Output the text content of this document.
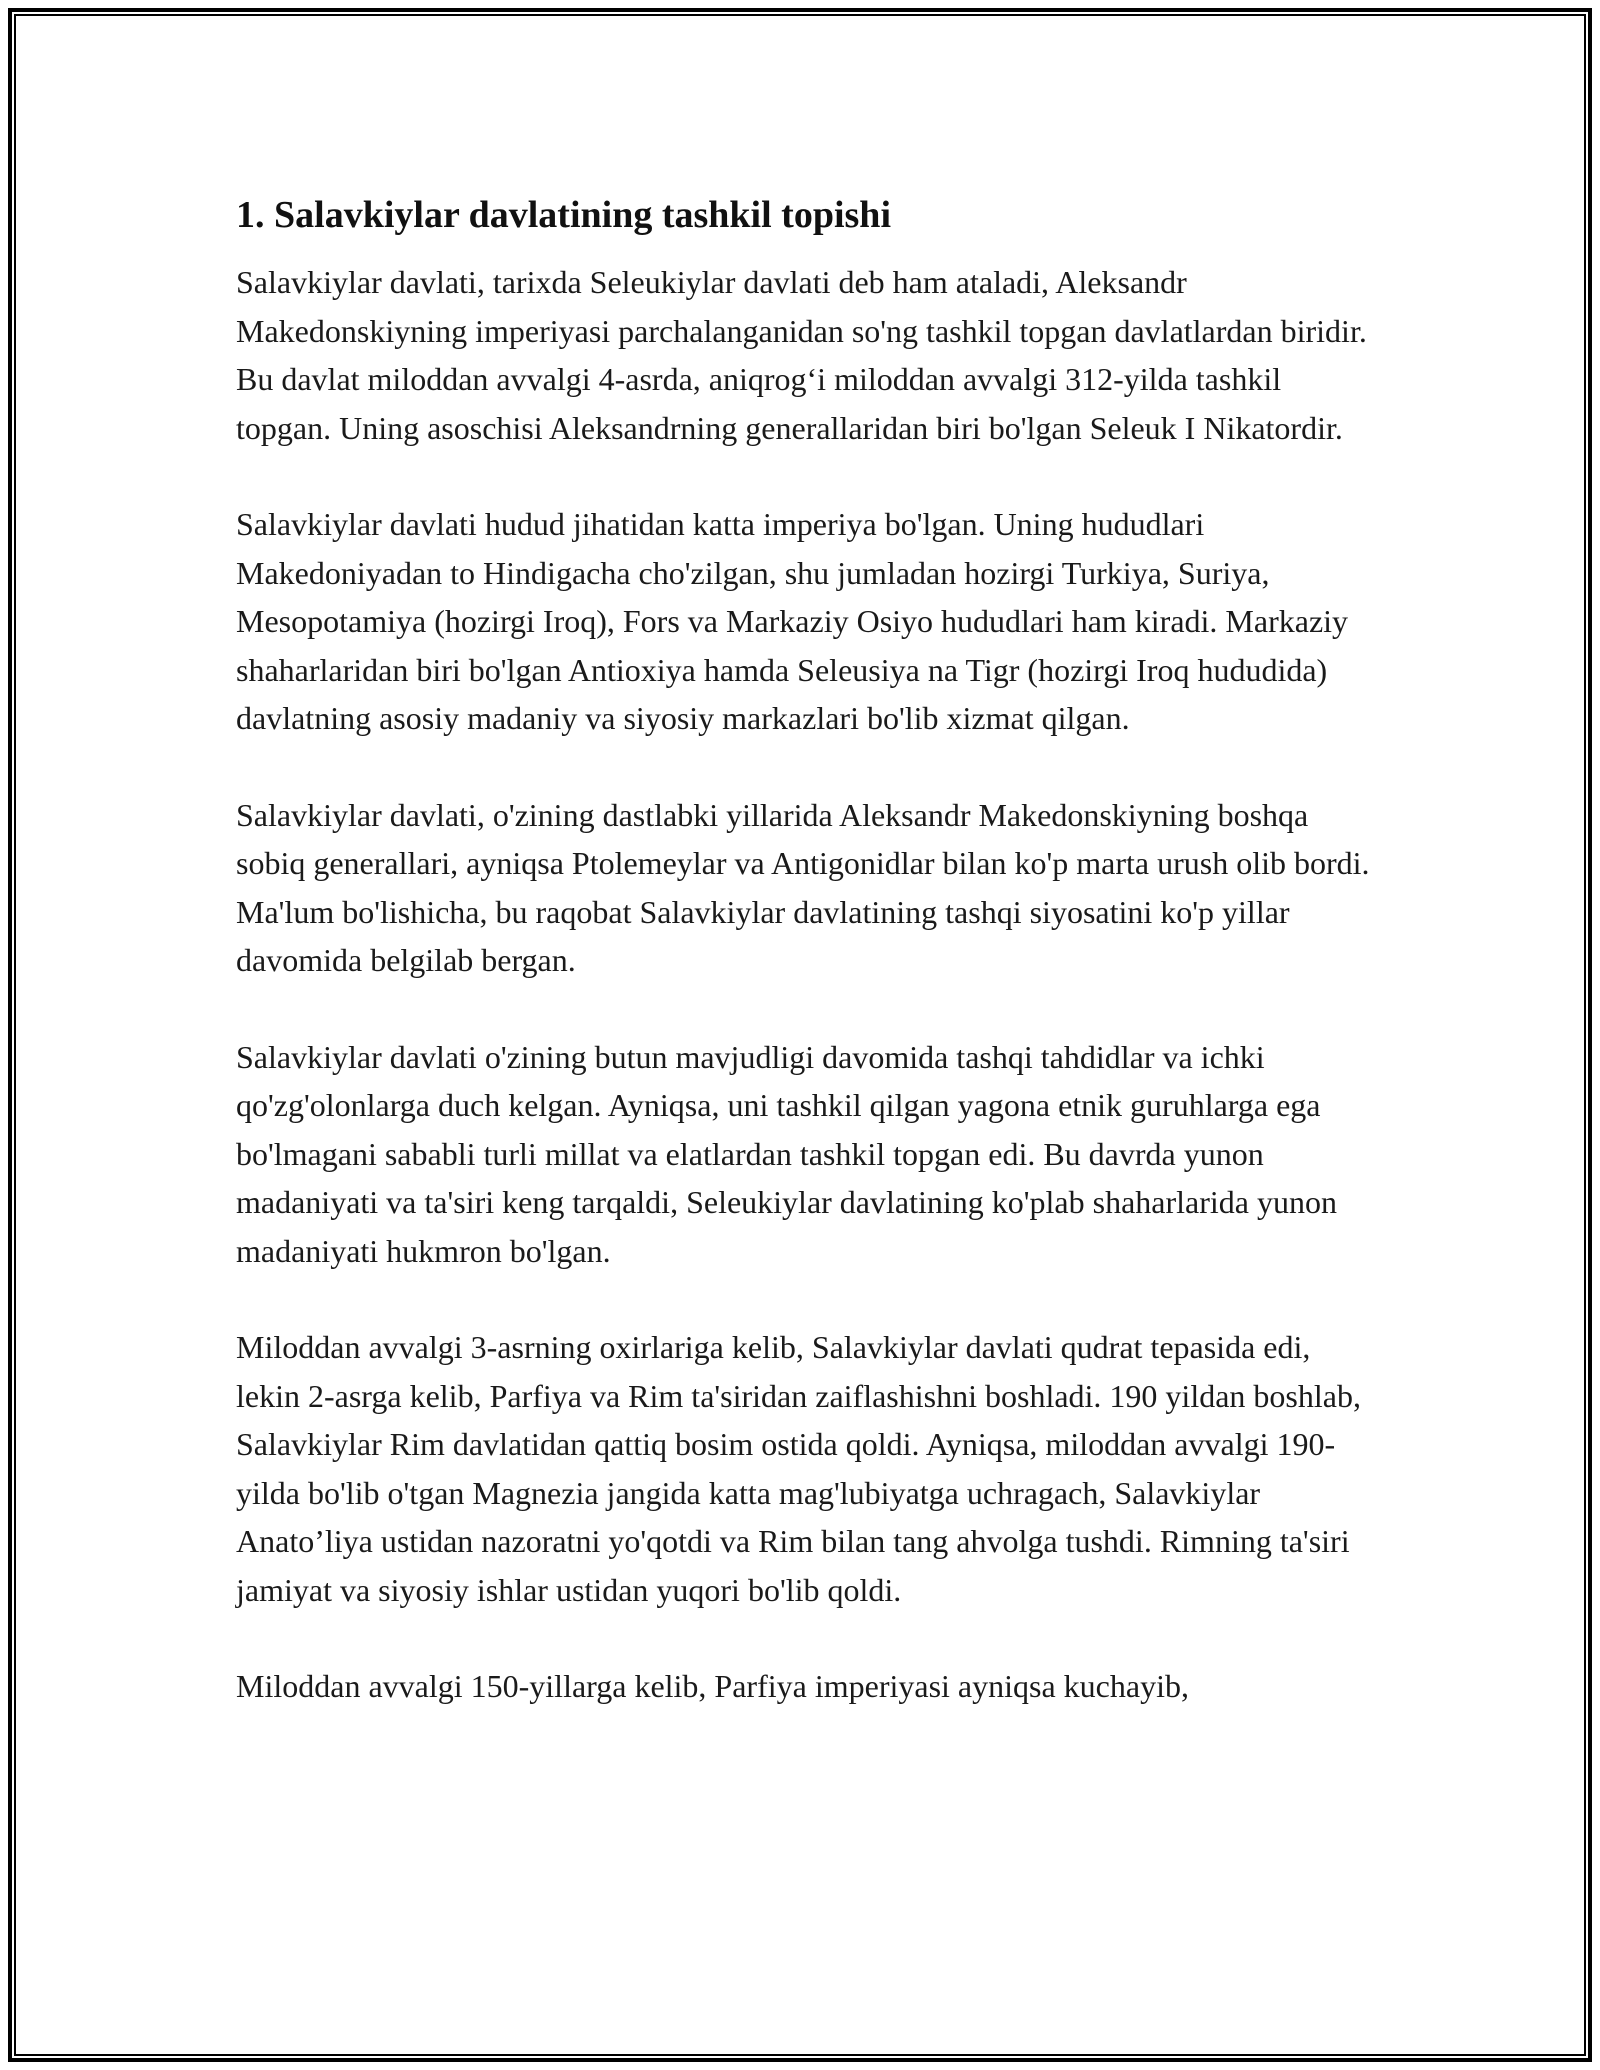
1. Salavkiylar davlatining tashkil topishi

Salavkiylar davlati, tarixda Seleukiylar davlati deb ham ataladi, Aleksandr Makedonskiyning imperiyasi parchalanganidan so'ng tashkil topgan davlatlardan biridir. Bu davlat miloddan avvalgi 4-asrda, aniqrog‘i miloddan avvalgi 312-yilda tashkil topgan. Uning asoschisi Aleksandrning generallaridan biri bo'lgan Seleuk I Nikatordir.

Salavkiylar davlati hudud jihatidan katta imperiya bo'lgan. Uning hududlari Makedoniyadan to Hindigacha cho'zilgan, shu jumladan hozirgi Turkiya, Suriya, Mesopotamiya (hozirgi Iroq), Fors va Markaziy Osiyo hududlari ham kiradi. Markaziy shaharlaridan biri bo'lgan Antioxiya hamda Seleusiya na Tigr (hozirgi Iroq hududida) davlatning asosiy madaniy va siyosiy markazlari bo'lib xizmat qilgan.

Salavkiylar davlati, o'zining dastlabki yillarida Aleksandr Makedonskiyning boshqa sobiq generallari, ayniqsa Ptolemeylar va Antigonidlar bilan ko'p marta urush olib bordi. Ma'lum bo'lishicha, bu raqobat Salavkiylar davlatining tashqi siyosatini ko'p yillar davomida belgilab bergan.

Salavkiylar davlati o'zining butun mavjudligi davomida tashqi tahdidlar va ichki qo'zg'olonlarga duch kelgan. Ayniqsa, uni tashkil qilgan yagona etnik guruhlarga ega bo'lmagani sababli turli millat va elatlardan tashkil topgan edi. Bu davrda yunon madaniyati va ta'siri keng tarqaldi, Seleukiylar davlatining ko'plab shaharlarida yunon madaniyati hukmron bo'lgan.

Miloddan avvalgi 3-asrning oxirlariga kelib, Salavkiylar davlati qudrat tepasida edi, lekin 2-asrga kelib, Parfiya va Rim ta'siridan zaiflashishni boshladi. 190 yildan boshlab, Salavkiylar Rim davlatidan qattiq bosim ostida qoldi. Ayniqsa, miloddan avvalgi 190-yilda bo'lib o'tgan Magnezia jangida katta mag'lubiyatga uchragach, Salavkiylar Anato’liya ustidan nazoratni yo'qotdi va Rim bilan tang ahvolga tushdi. Rimning ta'siri jamiyat va siyosiy ishlar ustidan yuqori bo'lib qoldi.

Miloddan avvalgi 150-yillarga kelib, Parfiya imperiyasi ayniqsa kuchayib,
